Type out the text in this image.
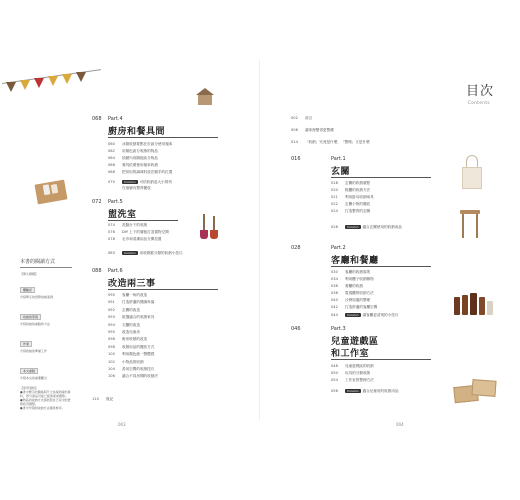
目次
Contents
本書的閱讀方式
【單元標題】
體驗記
介紹單元的實際收納案例
收納的原則
介紹收納的重點和方法
作業
介紹收納的準備工作
本文重點
介紹本文的重要觀念
【使用須知】
●書中標示的價格與尺寸為採訪時的資料，部分商品可能已經停產或調整。
●物品的收納方式請依照自己家中的實際狀況調整。
●書中介紹的收納方法僅供參考。
068 Part.4
廚房和餐具間
060 冰箱收納要點在於區分使用頻率
062 用顏色區分收納的物品
064 抽屜內用隔板區分物品
066 餐具依照使用頻率收納
068 把常用的調味料放在順手的位置
070	Column 可依收納盒大小排列
在抽屜內整齊擺放
072 Part.5
盥洗室
074 洗臉台下的收納
076 DIY 上下的層板打造置物空間
078 毛巾和清潔用品分開放置
083	Column 用收納籃分類的收納小技巧
088 Part.6
改造兩三事
090 客廳一角的改造
091 打造舒適的閱讀角落
092 玄關的改造
093 挑選適合的收納家具
094 衣櫃的改造
095 改造兒童房
096 廚房收納的改造
098 收納用品的擺放方式
100 利用顏色統一整體感
102 小物品的收納
104 善用空間的收納技巧
106 適合不同房間的收納法
110 後記
003
002 前言
006 讓家裡變得更整潔
014 「收納」究竟是什麼，「整理」又是什麼
016	Part.1
玄關
018 玄關的收納重點
020 鞋櫃的收納方法
021 利用掛勾收納雨具
022 玄關小物的擺放
024 打造整齊的玄關
026	Column 適合玄關使用的收納用品
028	Part.2
客廳和餐廳
030 客廳的收納原則
034 利用櫃子收納雜物
036 餐廳的收納
038 電視櫃的收納方法
040 沙發周邊的整理
042 打造舒適的客廳空間
044	Column 讓客廳更清爽的小技巧
046	Part.3
兒童遊戲區
和工作室
048 兒童遊戲區的收納
050 玩具的分類收納
054 工作室的整理方法
056	Column 適合兒童房的收納用品
004
